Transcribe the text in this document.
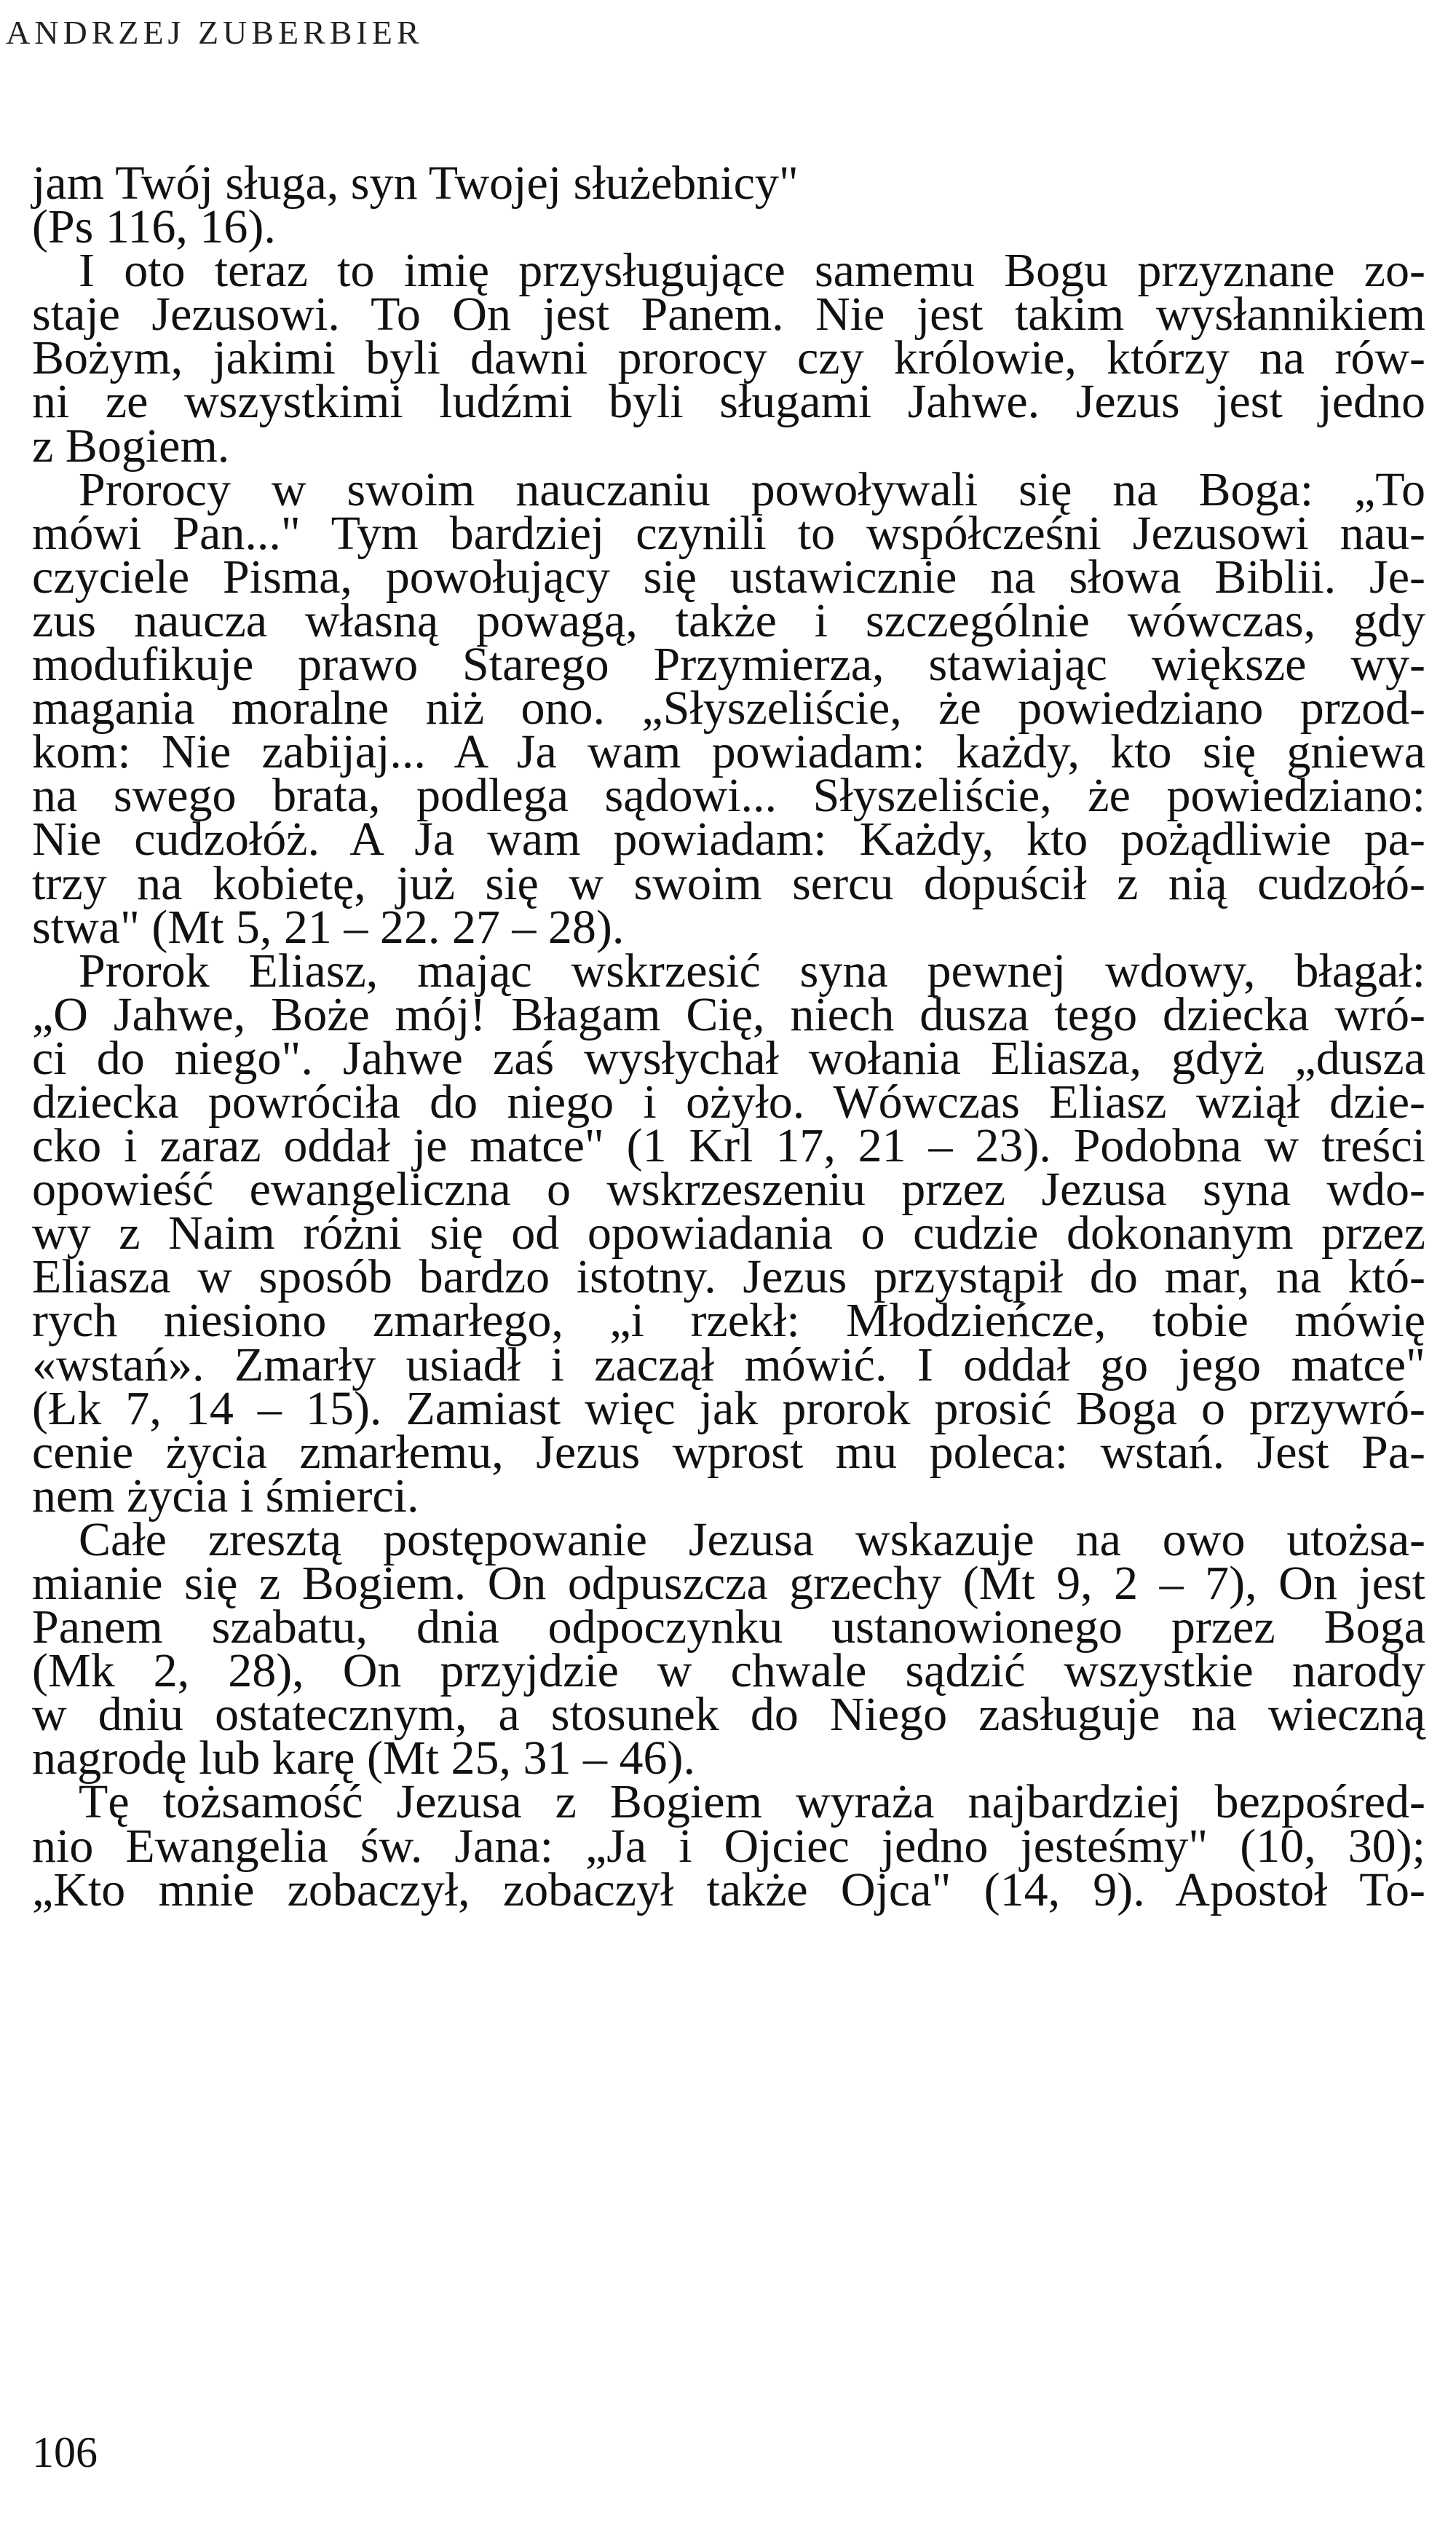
ANDRZEJ ZUBERBIER
jam Twój sługa, syn Twojej służebnicy"
(Ps 116, 16).
I oto teraz to imię przysługujące samemu Bogu przyznane zo-
staje Jezusowi. To On jest Panem. Nie jest takim wysłannikiem
Bożym, jakimi byli dawni prorocy czy królowie, którzy na rów-
ni ze wszystkimi ludźmi byli sługami Jahwe. Jezus jest jedno
z Bogiem.
Prorocy w swoim nauczaniu powoływali się na Boga: „To
mówi Pan..." Tym bardziej czynili to współcześni Jezusowi nau-
czyciele Pisma, powołujący się ustawicznie na słowa Biblii. Je-
zus naucza własną powagą, także i szczególnie wówczas, gdy
modufikuje prawo Starego Przymierza, stawiając większe wy-
magania moralne niż ono. „Słyszeliście, że powiedziano przod-
kom: Nie zabijaj... A Ja wam powiadam: każdy, kto się gniewa
na swego brata, podlega sądowi... Słyszeliście, że powiedziano:
Nie cudzołóż. A Ja wam powiadam: Każdy, kto pożądliwie pa-
trzy na kobietę, już się w swoim sercu dopuścił z nią cudzołó-
stwa" (Mt 5, 21 – 22. 27 – 28).
Prorok Eliasz, mając wskrzesić syna pewnej wdowy, błagał:
„O Jahwe, Boże mój! Błagam Cię, niech dusza tego dziecka wró-
ci do niego". Jahwe zaś wysłychał wołania Eliasza, gdyż „dusza
dziecka powróciła do niego i ożyło. Wówczas Eliasz wziął dzie-
cko i zaraz oddał je matce" (1 Krl 17, 21 – 23). Podobna w treści
opowieść ewangeliczna o wskrzeszeniu przez Jezusa syna wdo-
wy z Naim różni się od opowiadania o cudzie dokonanym przez
Eliasza w sposób bardzo istotny. Jezus przystąpił do mar, na któ-
rych niesiono zmarłego, „i rzekł: Młodzieńcze, tobie mówię
«wstań». Zmarły usiadł i zaczął mówić. I oddał go jego matce"
(Łk 7, 14 – 15). Zamiast więc jak prorok prosić Boga o przywró-
cenie życia zmarłemu, Jezus wprost mu poleca: wstań. Jest Pa-
nem życia i śmierci.
Całe zresztą postępowanie Jezusa wskazuje na owo utożsa-
mianie się z Bogiem. On odpuszcza grzechy (Mt 9, 2 – 7), On jest
Panem szabatu, dnia odpoczynku ustanowionego przez Boga
(Mk 2, 28), On przyjdzie w chwale sądzić wszystkie narody
w dniu ostatecznym, a stosunek do Niego zasługuje na wieczną
nagrodę lub karę (Mt 25, 31 – 46).
Tę tożsamość Jezusa z Bogiem wyraża najbardziej bezpośred-
nio Ewangelia św. Jana: „Ja i Ojciec jedno jesteśmy" (10, 30);
„Kto mnie zobaczył, zobaczył także Ojca" (14, 9). Apostoł To-
106
